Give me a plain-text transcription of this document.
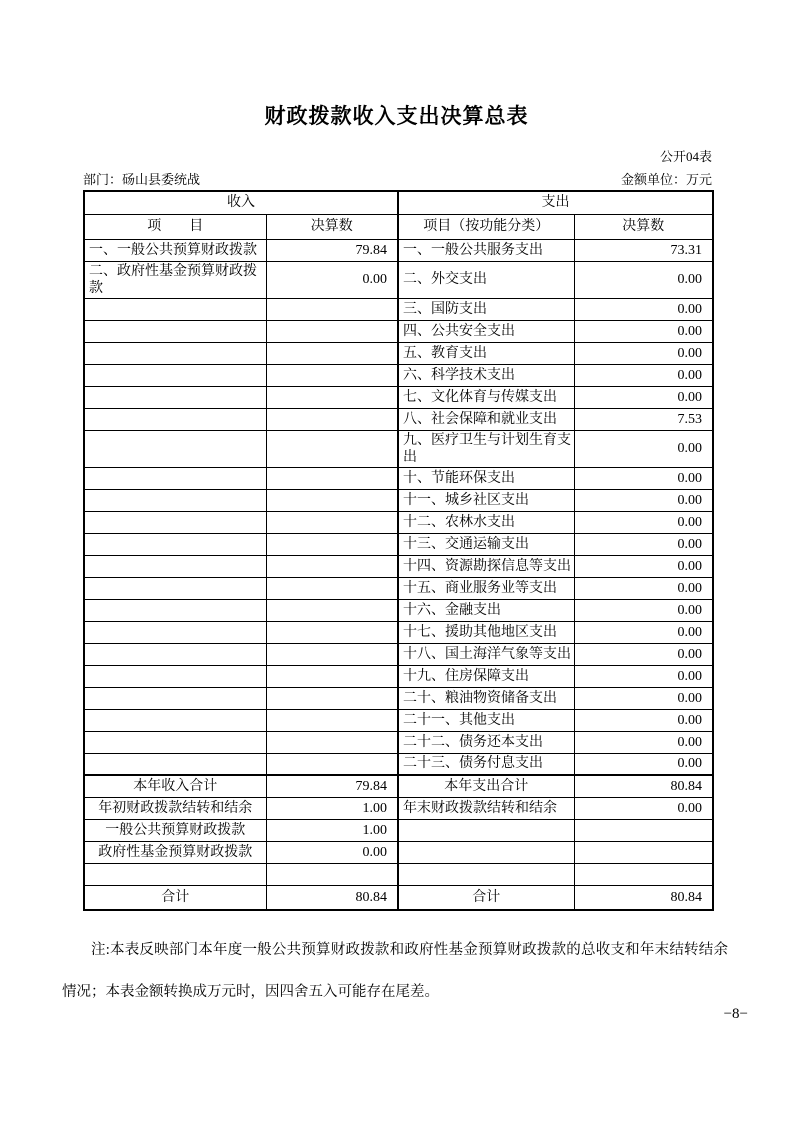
财政拨款收入支出决算总表
公开04表
部门：砀山县委统战	金额单位：万元
收入		支出	
项　　目	决算数	项目（按功能分类）	决算数
一、一般公共预算财政拨款	79.84	一、一般公共服务支出	73.31
二、政府性基金预算财政拨款	0.00	二、外交支出	0.00
		三、国防支出	0.00
		四、公共安全支出	0.00
		五、教育支出	0.00
		六、科学技术支出	0.00
		七、文化体育与传媒支出	0.00
		八、社会保障和就业支出	7.53
		九、医疗卫生与计划生育支出	0.00
		十、节能环保支出	0.00
		十一、城乡社区支出	0.00
		十二、农林水支出	0.00
		十三、交通运输支出	0.00
		十四、资源勘探信息等支出	0.00
		十五、商业服务业等支出	0.00
		十六、金融支出	0.00
		十七、援助其他地区支出	0.00
		十八、国土海洋气象等支出	0.00
		十九、住房保障支出	0.00
		二十、粮油物资储备支出	0.00
		二十一、其他支出	0.00
		二十二、债务还本支出	0.00
		二十三、债务付息支出	0.00
本年收入合计	79.84	本年支出合计	80.84
年初财政拨款结转和结余	1.00	年末财政拨款结转和结余	0.00
一般公共预算财政拨款	1.00		
政府性基金预算财政拨款	0.00		

合计	80.84	合计	80.84

注:本表反映部门本年度一般公共预算财政拨款和政府性基金预算财政拨款的总收支和年末结转结余情况；本表金额转换成万元时，因四舍五入可能存在尾差。

−8−
